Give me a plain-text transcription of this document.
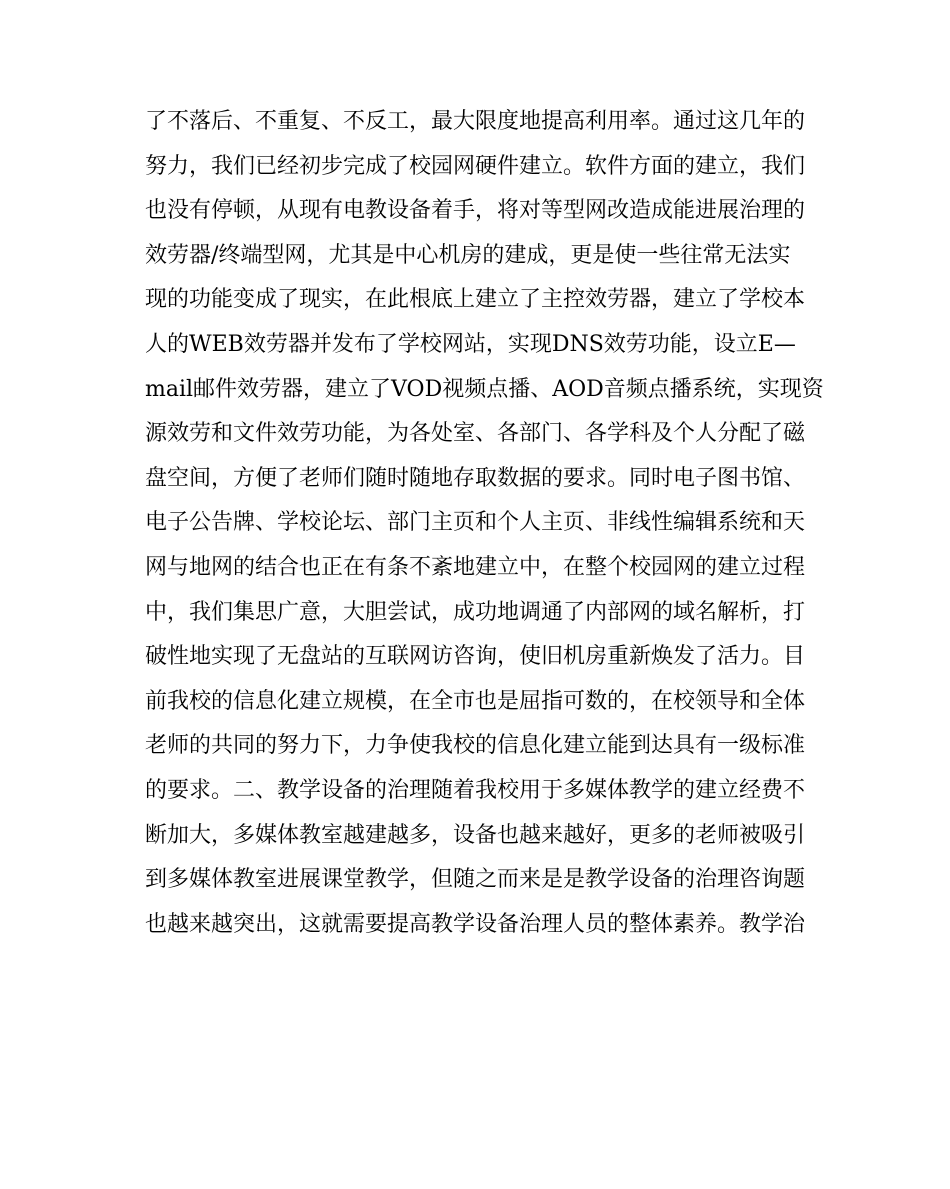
了不落后、不重复、不反工，最大限度地提高利用率。通过这几年的
努力，我们已经初步完成了校园网硬件建立。软件方面的建立，我们
也没有停顿，从现有电教设备着手，将对等型网改造成能进展治理的
效劳器/终端型网，尤其是中心机房的建成，更是使一些往常无法实
现的功能变成了现实，在此根底上建立了主控效劳器，建立了学校本
人的WEB效劳器并发布了学校网站，实现DNS效劳功能，设立E—
mail邮件效劳器，建立了VOD视频点播、AOD音频点播系统，实现资
源效劳和文件效劳功能，为各处室、各部门、各学科及个人分配了磁
盘空间，方便了老师们随时随地存取数据的要求。同时电子图书馆、
电子公告牌、学校论坛、部门主页和个人主页、非线性编辑系统和天
网与地网的结合也正在有条不紊地建立中，在整个校园网的建立过程
中，我们集思广意，大胆尝试，成功地调通了内部网的域名解析，打
破性地实现了无盘站的互联网访咨询，使旧机房重新焕发了活力。目
前我校的信息化建立规模，在全市也是屈指可数的，在校领导和全体
老师的共同的努力下，力争使我校的信息化建立能到达具有一级标准
的要求。二、教学设备的治理随着我校用于多媒体教学的建立经费不
断加大，多媒体教室越建越多，设备也越来越好，更多的老师被吸引
到多媒体教室进展课堂教学，但随之而来是是教学设备的治理咨询题
也越来越突出，这就需要提高教学设备治理人员的整体素养。教学治
